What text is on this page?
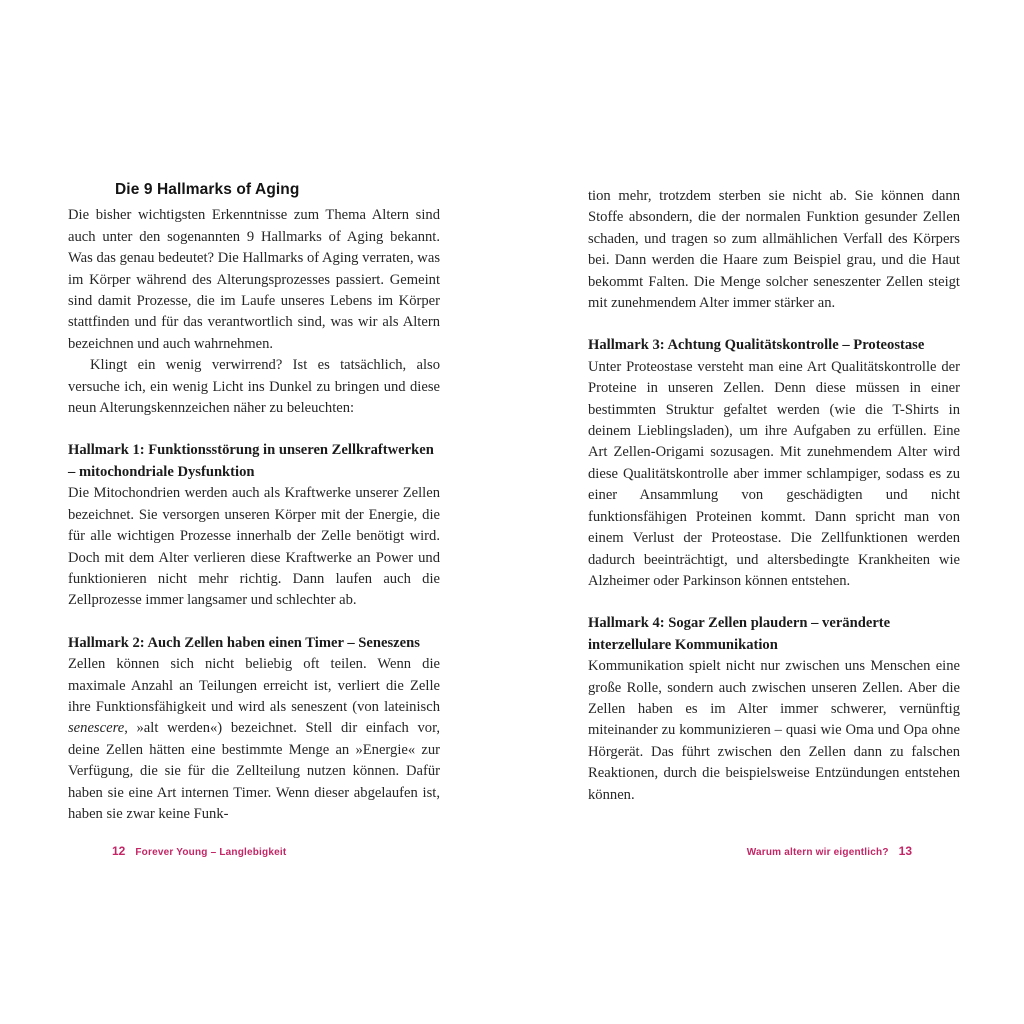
Die 9 Hallmarks of Aging

Die bisher wichtigsten Erkenntnisse zum Thema Altern sind auch unter den sogenannten 9 Hallmarks of Aging bekannt. Was das genau bedeutet? Die Hallmarks of Aging verraten, was im Körper während des Alterungsprozesses passiert. Gemeint sind damit Prozesse, die im Laufe unseres Lebens im Körper stattfinden und für das verantwortlich sind, was wir als Altern bezeichnen und auch wahrnehmen.

Klingt ein wenig verwirrend? Ist es tatsächlich, also versuche ich, ein wenig Licht ins Dunkel zu bringen und diese neun Alterungskennzeichen näher zu beleuchten:

Hallmark 1: Funktionsstörung in unseren Zellkraftwerken – mitochondriale Dysfunktion

Die Mitochondrien werden auch als Kraftwerke unserer Zellen bezeichnet. Sie versorgen unseren Körper mit der Energie, die für alle wichtigen Prozesse innerhalb der Zelle benötigt wird. Doch mit dem Alter verlieren diese Kraftwerke an Power und funktionieren nicht mehr richtig. Dann laufen auch die Zellprozesse immer langsamer und schlechter ab.

Hallmark 2: Auch Zellen haben einen Timer – Seneszens

Zellen können sich nicht beliebig oft teilen. Wenn die maximale Anzahl an Teilungen erreicht ist, verliert die Zelle ihre Funktionsfähigkeit und wird als seneszent (von lateinisch senescere, »alt werden«) bezeichnet. Stell dir einfach vor, deine Zellen hätten eine bestimmte Menge an »Energie« zur Verfügung, die sie für die Zellteilung nutzen können. Dafür haben sie eine Art internen Timer. Wenn dieser abgelaufen ist, haben sie zwar keine Funk-

tion mehr, trotzdem sterben sie nicht ab. Sie können dann Stoffe absondern, die der normalen Funktion gesunder Zellen schaden, und tragen so zum allmählichen Verfall des Körpers bei. Dann werden die Haare zum Beispiel grau, und die Haut bekommt Falten. Die Menge solcher seneszenter Zellen steigt mit zunehmendem Alter immer stärker an.

Hallmark 3: Achtung Qualitätskontrolle – Proteostase

Unter Proteostase versteht man eine Art Qualitätskontrolle der Proteine in unseren Zellen. Denn diese müssen in einer bestimmten Struktur gefaltet werden (wie die T-Shirts in deinem Lieblingsladen), um ihre Aufgaben zu erfüllen. Eine Art Zellen-Origami sozusagen. Mit zunehmendem Alter wird diese Qualitätskontrolle aber immer schlampiger, sodass es zu einer Ansammlung von geschädigten und nicht funktionsfähigen Proteinen kommt. Dann spricht man von einem Verlust der Proteostase. Die Zellfunktionen werden dadurch beeinträchtigt, und altersbedingte Krankheiten wie Alzheimer oder Parkinson können entstehen.

Hallmark 4: Sogar Zellen plaudern – veränderte interzellulare Kommunikation

Kommunikation spielt nicht nur zwischen uns Menschen eine große Rolle, sondern auch zwischen unseren Zellen. Aber die Zellen haben es im Alter immer schwerer, vernünftig miteinander zu kommunizieren – quasi wie Oma und Opa ohne Hörgerät. Das führt zwischen den Zellen dann zu falschen Reaktionen, durch die beispielsweise Entzündungen entstehen können.

12 Forever Young – Langlebigkeit	Warum altern wir eigentlich? 13
